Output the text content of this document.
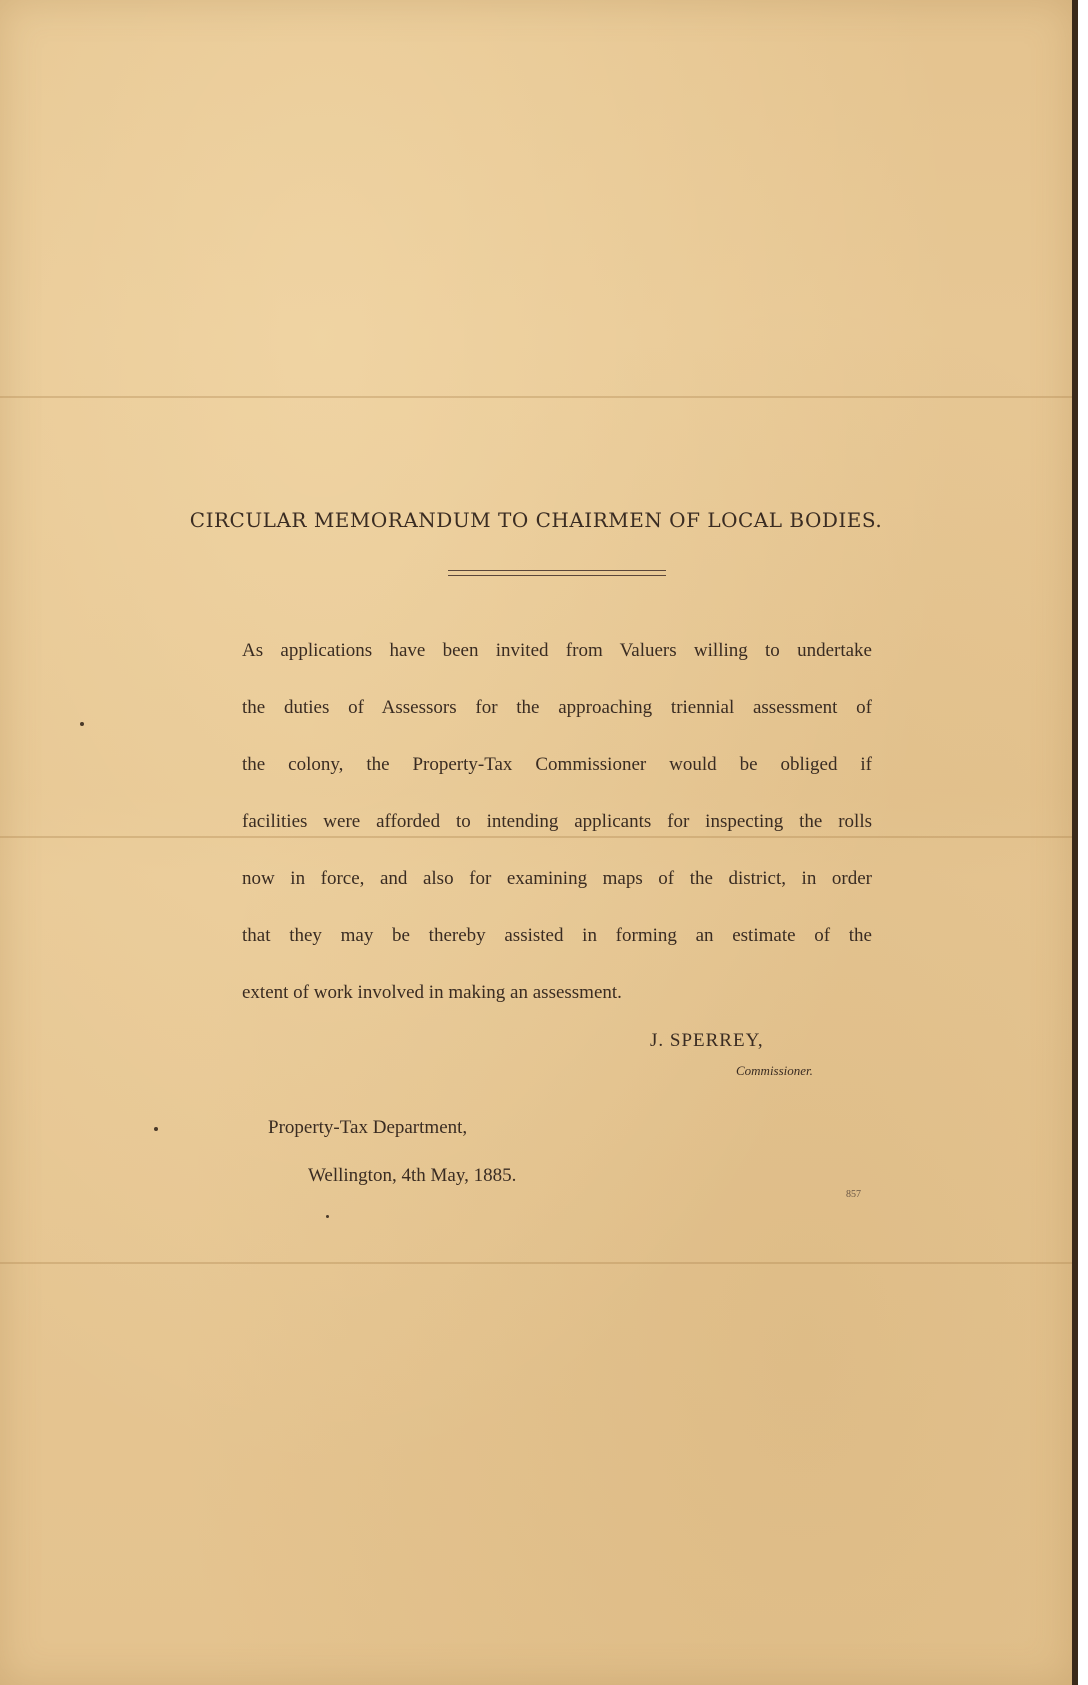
CIRCULAR MEMORANDUM TO CHAIRMEN OF LOCAL BODIES.
As applications have been invited from Valuers willing to undertake
the duties of Assessors for the approaching triennial assessment of
the colony, the Property-Tax Commissioner would be obliged if
facilities were afforded to intending applicants for inspecting the rolls
now in force, and also for examining maps of the district, in order
that they may be thereby assisted in forming an estimate of the
extent of work involved in making an assessment.
J. SPERREY,
Commissioner.
Property-Tax Department,
Wellington, 4th May, 1885.
857
